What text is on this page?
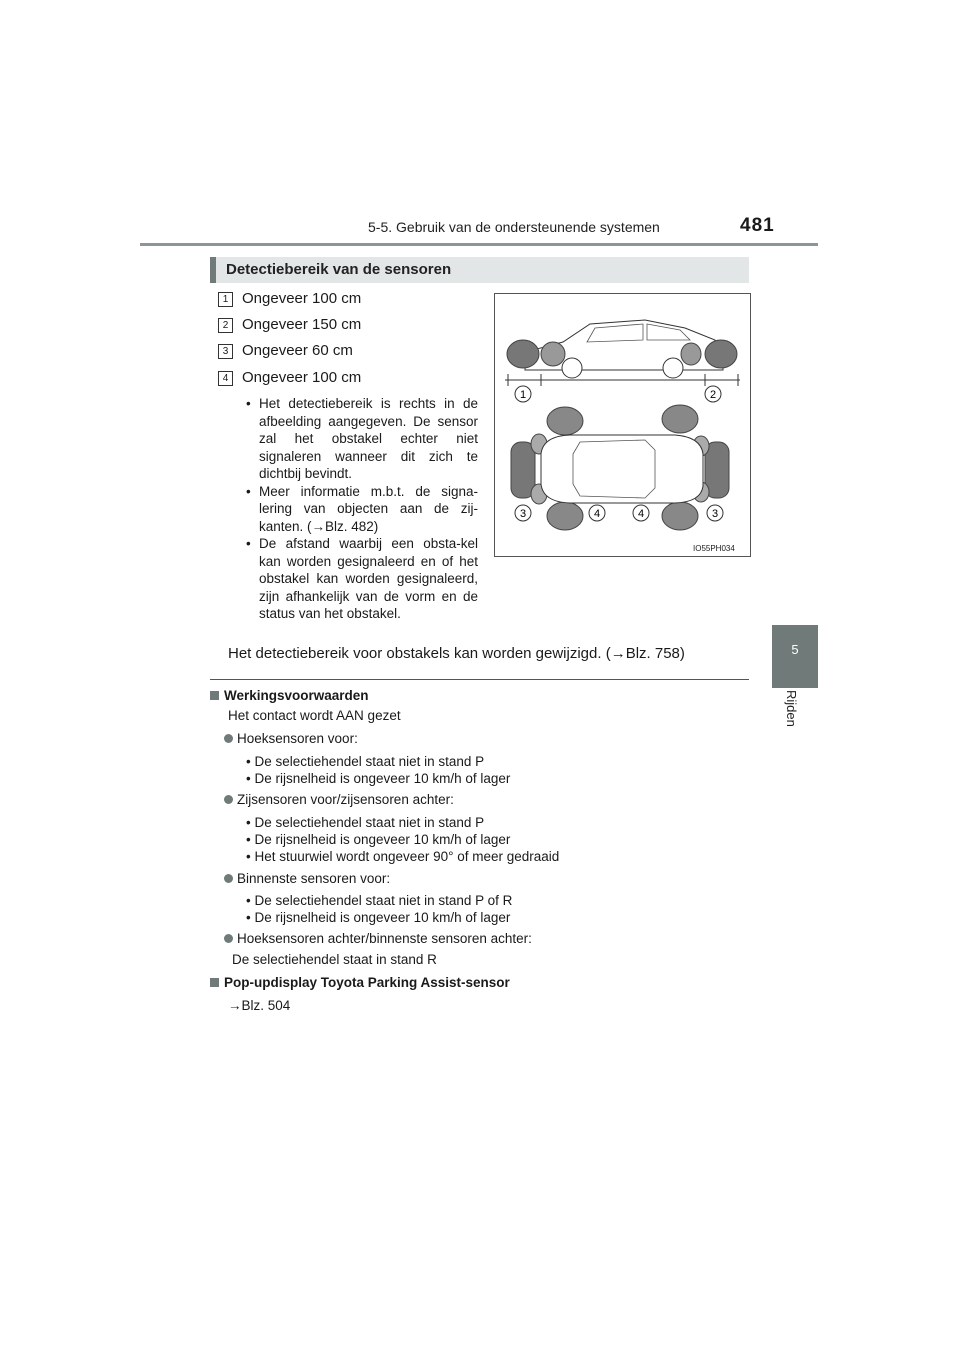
5-5. Gebruik van de ondersteunende systemen	481
5
Rijden
Detectiebereik van de sensoren
1 Ongeveer 100 cm
2 Ongeveer 150 cm
3 Ongeveer 60 cm
4 Ongeveer 100 cm
• Het detectiebereik is rechts in de afbeelding aangegeven. De sensor zal het obstakel echter niet signaleren wanneer dit zich te dichtbij bevindt.
• Meer informatie m.b.t. de signa-lering van objecten aan de zij-kanten. (→Blz. 482)
• De afstand waarbij een obsta-kel kan worden gesignaleerd en of het obstakel kan worden gesignaleerd, zijn afhankelijk van de vorm en de status van het obstakel.
1	2
3	4	4	3
IO55PH034
Het detectiebereik voor obstakels kan worden gewijzigd. (→Blz. 758)
Werkingsvoorwaarden
Het contact wordt AAN gezet
Hoeksensoren voor:
• De selectiehendel staat niet in stand P
• De rijsnelheid is ongeveer 10 km/h of lager
Zijsensoren voor/zijsensoren achter:
• De selectiehendel staat niet in stand P
• De rijsnelheid is ongeveer 10 km/h of lager
• Het stuurwiel wordt ongeveer 90° of meer gedraaid
Binnenste sensoren voor:
• De selectiehendel staat niet in stand P of R
• De rijsnelheid is ongeveer 10 km/h of lager
Hoeksensoren achter/binnenste sensoren achter:
De selectiehendel staat in stand R
Pop-updisplay Toyota Parking Assist-sensor
→Blz. 504
